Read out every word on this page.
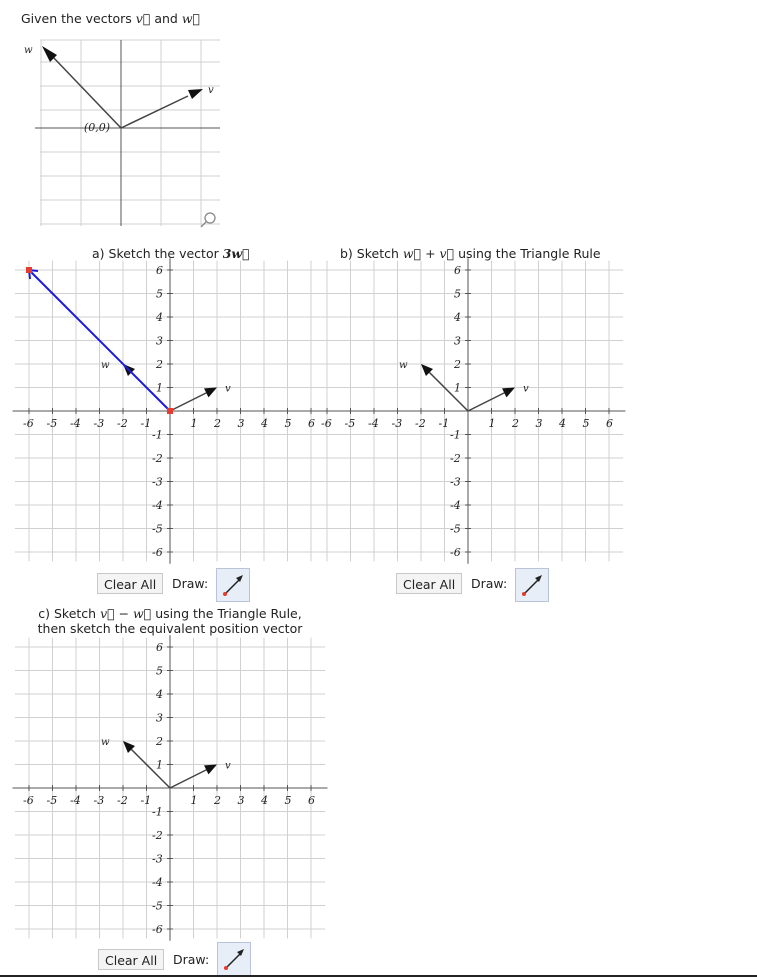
Given the vectors v⃗ and w⃗
w
v
(0,0)
a) Sketch the vector 3w⃗
-6 -5 -4 -3 -2 -1	1 2 3 4 5 6
6
5
4
3
2
1
-1
-2
-3
-4
-5
-6
v
w
Clear All	Draw:
b) Sketch w⃗ + v⃗ using the Triangle Rule
-6 -5 -4 -3 -2 -1	1 2 3 4 5 6
6
5
4
3
2
1
-1
-2
-3
-4
-5
-6
v
w
Clear All	Draw:
c) Sketch v⃗ − w⃗ using the Triangle Rule,
then sketch the equivalent position vector
-6 -5 -4 -3 -2 -1	1 2 3 4 5 6
6
5
4
3
2
1
-1
-2
-3
-4
-5
-6
v
w
Clear All	Draw:
